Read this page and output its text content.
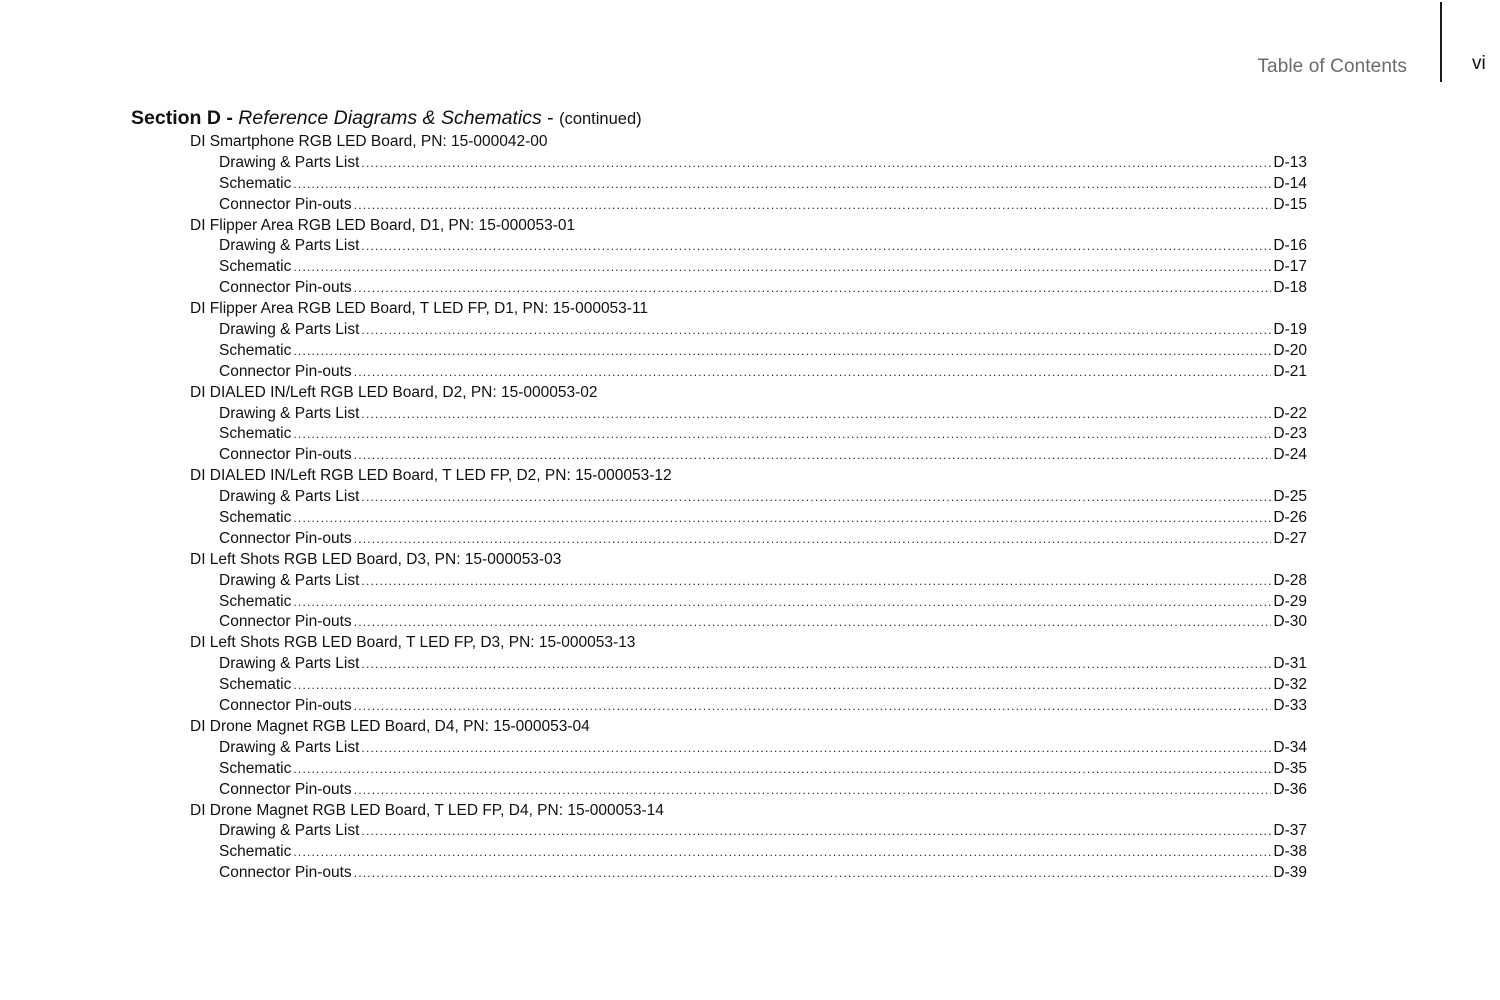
Table of Contents	vi
Section D - Reference Diagrams & Schematics - (continued)
DI Smartphone RGB LED Board, PN: 15-000042-00
Drawing & Parts List .....	D-13
Schematic .....	D-14
Connector Pin-outs .....	D-15
DI Flipper Area RGB LED Board, D1, PN: 15-000053-01
Drawing & Parts List .....	D-16
Schematic .....	D-17
Connector Pin-outs .....	D-18
DI Flipper Area RGB LED Board, T LED FP, D1, PN: 15-000053-11
Drawing & Parts List .....	D-19
Schematic .....	D-20
Connector Pin-outs .....	D-21
DI DIALED IN/Left RGB LED Board, D2, PN: 15-000053-02
Drawing & Parts List .....	D-22
Schematic .....	D-23
Connector Pin-outs .....	D-24
DI DIALED IN/Left RGB LED Board, T LED FP, D2, PN: 15-000053-12
Drawing & Parts List .....	D-25
Schematic .....	D-26
Connector Pin-outs .....	D-27
DI Left Shots RGB LED Board, D3, PN: 15-000053-03
Drawing & Parts List .....	D-28
Schematic .....	D-29
Connector Pin-outs .....	D-30
DI Left Shots RGB LED Board, T LED FP, D3, PN: 15-000053-13
Drawing & Parts List .....	D-31
Schematic .....	D-32
Connector Pin-outs .....	D-33
DI Drone Magnet RGB LED Board, D4, PN: 15-000053-04
Drawing & Parts List .....	D-34
Schematic .....	D-35
Connector Pin-outs .....	D-36
DI Drone Magnet RGB LED Board, T LED FP, D4, PN: 15-000053-14
Drawing & Parts List .....	D-37
Schematic .....	D-38
Connector Pin-outs .....	D-39
